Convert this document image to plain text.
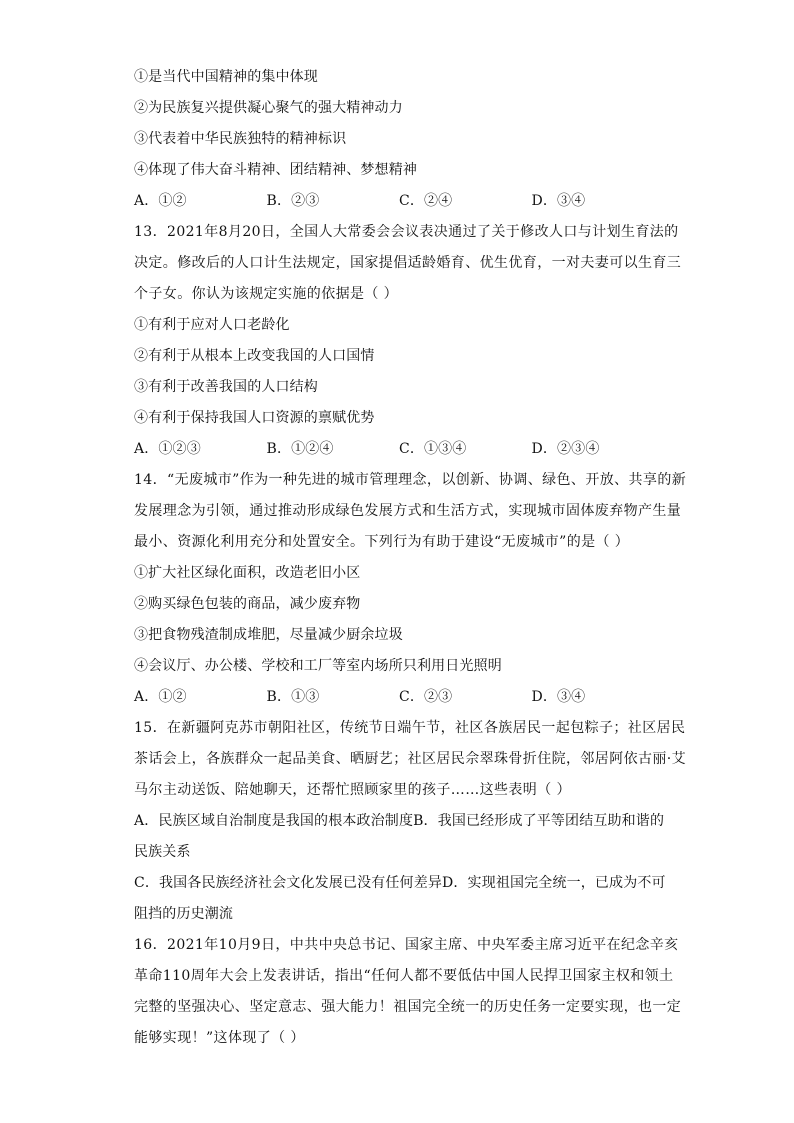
①是当代中国精神的集中体现
②为民族复兴提供凝心聚气的强大精神动力
③代表着中华民族独特的精神标识
④体现了伟大奋斗精神、团结精神、梦想精神
A．①②	B．②③	C．②④	D．③④
13．2021年8月20日，全国人大常委会会议表决通过了关于修改人口与计划生育法的
决定。修改后的人口计生法规定，国家提倡适龄婚育、优生优育，一对夫妻可以生育三
个子女。你认为该规定实施的依据是（ ）
①有利于应对人口老龄化
②有利于从根本上改变我国的人口国情
③有利于改善我国的人口结构
④有利于保持我国人口资源的禀赋优势
A．①②③	B．①②④	C．①③④	D．②③④
14．“无废城市”作为一种先进的城市管理理念，以创新、协调、绿色、开放、共享的新
发展理念为引领，通过推动形成绿色发展方式和生活方式，实现城市固体废弃物产生量
最小、资源化利用充分和处置安全。下列行为有助于建设“无废城市”的是（ ）
①扩大社区绿化面积，改造老旧小区
②购买绿色包装的商品，减少废弃物
③把食物残渣制成堆肥，尽量减少厨余垃圾
④会议厅、办公楼、学校和工厂等室内场所只利用日光照明
A．①②	B．①③	C．②③	D．③④
15．在新疆阿克苏市朝阳社区，传统节日端午节，社区各族居民一起包粽子；社区居民
茶话会上，各族群众一起品美食、晒厨艺；社区居民佘翠珠骨折住院，邻居阿依古丽·艾
马尔主动送饭、陪她聊天，还帮忙照顾家里的孩子……这些表明（ ）
A．民族区域自治制度是我国的根本政治制度B．我国已经形成了平等团结互助和谐的
民族关系
C．我国各民族经济社会文化发展已没有任何差异D．实现祖国完全统一，已成为不可
阻挡的历史潮流
16．2021年10月9日，中共中央总书记、国家主席、中央军委主席习近平在纪念辛亥
革命110周年大会上发表讲话，指出“任何人都不要低估中国人民捍卫国家主权和领土
完整的坚强决心、坚定意志、强大能力！祖国完全统一的历史任务一定要实现，也一定
能够实现！”这体现了（ ）
